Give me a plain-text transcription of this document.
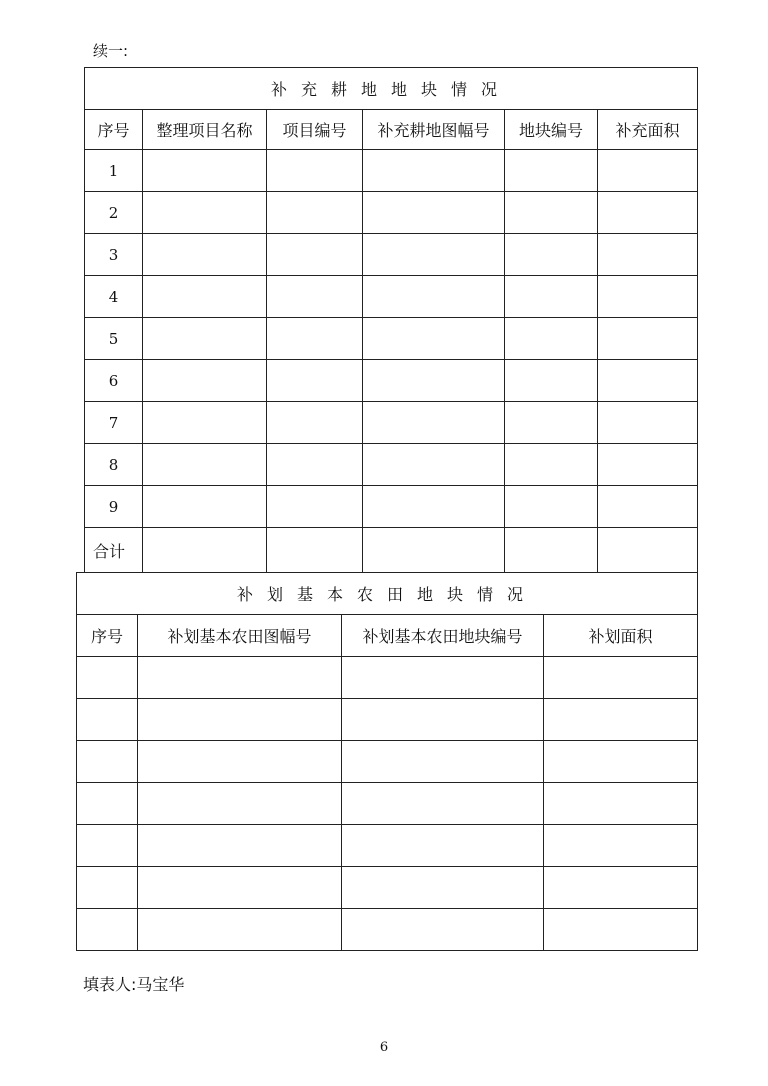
续一:
补充耕地地块情况					
序号	整理项目名称	项目编号	补充耕地图幅号	地块编号	补充面积
1					
2					
3					
4					
5					
6					
7					
8					
9					
合计					
补划基本农田地块情况			
序号	补划基本农田图幅号	补划基本农田地块编号	补划面积

填表人:马宝华
6
